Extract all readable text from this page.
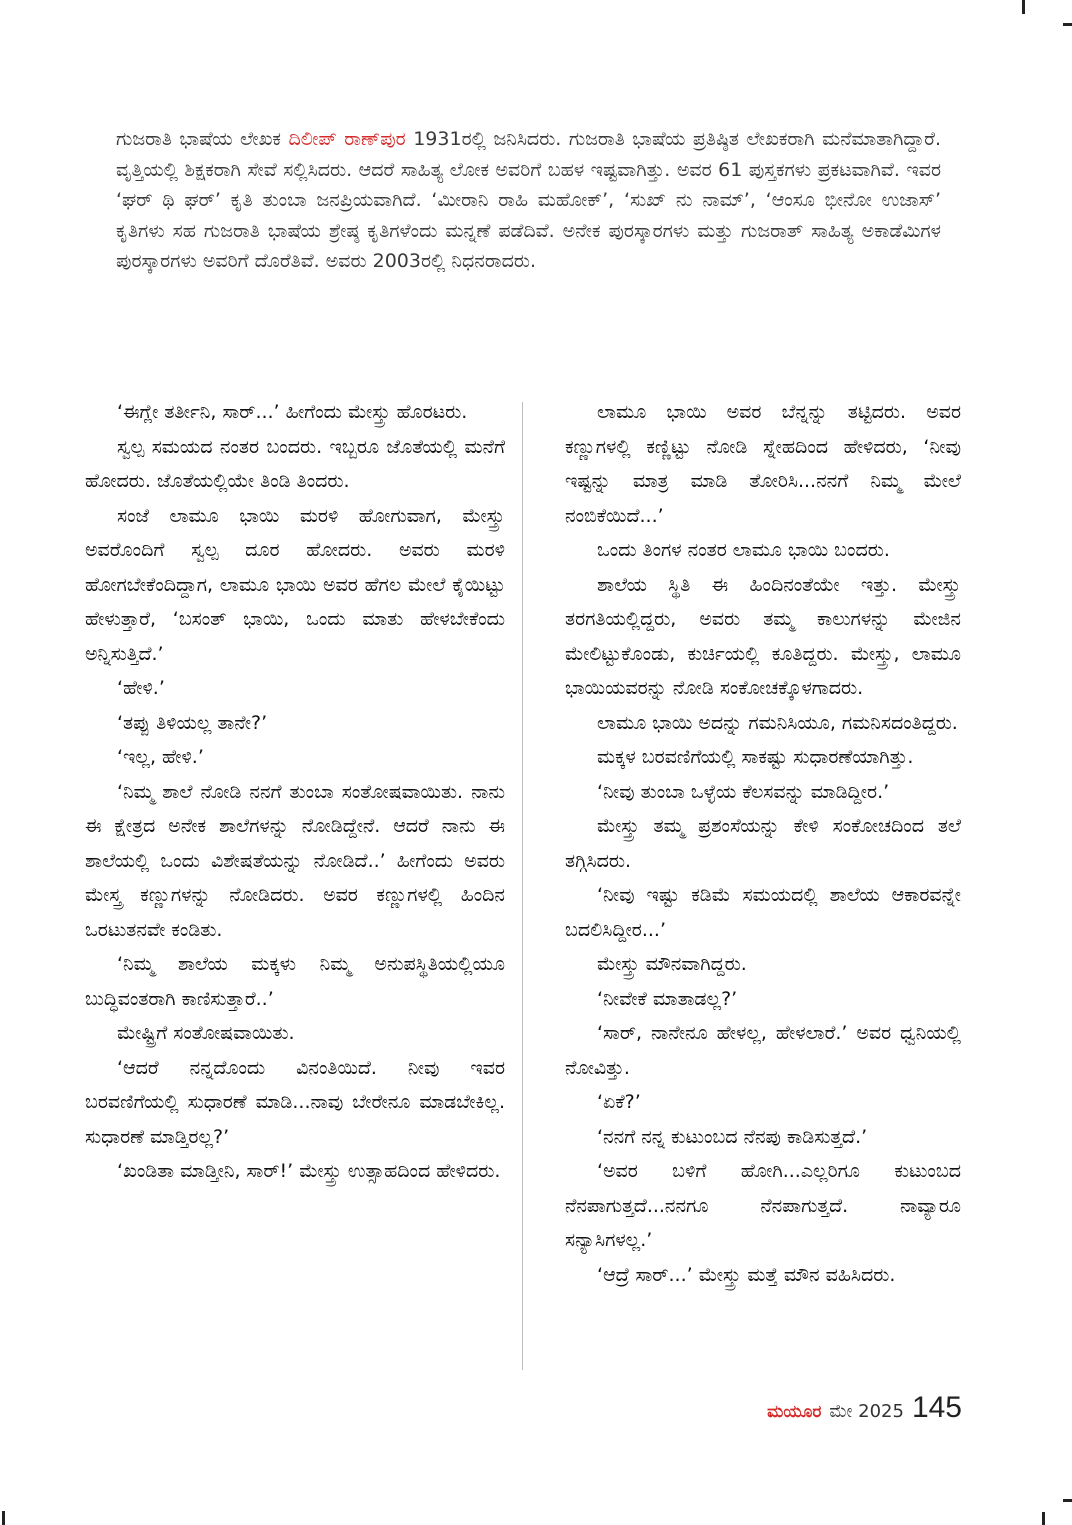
ಗುಜರಾತಿ ಭಾಷೆಯ ಲೇಖಕ ದಿಲೀಪ್ ರಾಣ್‌ಪುರ 1931ರಲ್ಲಿ ಜನಿಸಿದರು. ಗುಜರಾತಿ ಭಾಷೆಯ ಪ್ರತಿಷ್ಠಿತ ಲೇಖಕರಾಗಿ ಮನೆಮಾತಾಗಿದ್ದಾರೆ. ವೃತ್ತಿಯಲ್ಲಿ ಶಿಕ್ಷಕರಾಗಿ ಸೇವೆ ಸಲ್ಲಿಸಿದರು. ಆದರೆ ಸಾಹಿತ್ಯ ಲೋಕ ಅವರಿಗೆ ಬಹಳ ಇಷ್ಟವಾಗಿತ್ತು. ಅವರ 61 ಪುಸ್ತಕಗಳು ಪ್ರಕಟವಾಗಿವೆ. ಇವರ ‘ಘರ್ ಥಿ ಘರ್’ ಕೃತಿ ತುಂಬಾ ಜನಪ್ರಿಯವಾಗಿದೆ. ‘ಮೀರಾನಿ ರಾಹಿ ಮಹೋಕ್’, ‘ಸುಖ್ ನು ನಾಮ್’, ‘ಆಂಸೂ ಭೀನೋ ಉಜಾಸ್’ ಕೃತಿಗಳು ಸಹ ಗುಜರಾತಿ ಭಾಷೆಯ ಶ್ರೇಷ್ಠ ಕೃತಿಗಳೆಂದು ಮನ್ನಣೆ ಪಡೆದಿವೆ. ಅನೇಕ ಪುರಸ್ಕಾರಗಳು ಮತ್ತು ಗುಜರಾತ್ ಸಾಹಿತ್ಯ ಅಕಾಡೆಮಿಗಳ ಪುರಸ್ಕಾರಗಳು ಅವರಿಗೆ ದೊರೆತಿವೆ. ಅವರು 2003ರಲ್ಲಿ ನಿಧನರಾದರು.

‘ಈಗ್ಲೇ ತರ್ತೀನಿ, ಸಾರ್...’ ಹೀಗೆಂದು ಮೇಸ್ತ್ರು ಹೊರಟರು.

ಸ್ವಲ್ಪ ಸಮಯದ ನಂತರ ಬಂದರು. ಇಬ್ಬರೂ ಜೊತೆಯಲ್ಲಿ ಮನೆಗೆ ಹೋದರು. ಜೊತೆಯಲ್ಲಿಯೇ ತಿಂಡಿ ತಿಂದರು.

ಸಂಜೆ ಲಾಮೂ ಭಾಯಿ ಮರಳಿ ಹೋಗುವಾಗ, ಮೇಸ್ತ್ರು ಅವರೊಂದಿಗೆ ಸ್ವಲ್ಪ ದೂರ ಹೋದರು. ಅವರು ಮರಳಿ ಹೋಗಬೇಕೆಂದಿದ್ದಾಗ, ಲಾಮೂ ಭಾಯಿ ಅವರ ಹೆಗಲ ಮೇಲೆ ಕೈಯಿಟ್ಟು ಹೇಳುತ್ತಾರೆ, ‘ಬಸಂತ್ ಭಾಯಿ, ಒಂದು ಮಾತು ಹೇಳಬೇಕೆಂದು ಅನ್ನಿಸುತ್ತಿದೆ.’

‘ಹೇಳಿ.’

‘ತಪ್ಪು ತಿಳಿಯಲ್ಲ ತಾನೇ?’

‘ಇಲ್ಲ, ಹೇಳಿ.’

‘ನಿಮ್ಮ ಶಾಲೆ ನೋಡಿ ನನಗೆ ತುಂಬಾ ಸಂತೋಷವಾಯಿತು. ನಾನು ಈ ಕ್ಷೇತ್ರದ ಅನೇಕ ಶಾಲೆಗಳನ್ನು ನೋಡಿದ್ದೇನೆ. ಆದರೆ ನಾನು ಈ ಶಾಲೆಯಲ್ಲಿ ಒಂದು ವಿಶೇಷತೆಯನ್ನು ನೋಡಿದೆ..’ ಹೀಗೆಂದು ಅವರು ಮೇಸ್ತ್ರ ಕಣ್ಣುಗಳನ್ನು ನೋಡಿದರು. ಅವರ ಕಣ್ಣುಗಳಲ್ಲಿ ಹಿಂದಿನ ಒರಟುತನವೇ ಕಂಡಿತು.

‘ನಿಮ್ಮ ಶಾಲೆಯ ಮಕ್ಕಳು ನಿಮ್ಮ ಅನುಪಸ್ಥಿತಿಯಲ್ಲಿಯೂ ಬುದ್ಧಿವಂತರಾಗಿ ಕಾಣಿಸುತ್ತಾರೆ..’

ಮೇಷ್ಟ್ರಿಗೆ ಸಂತೋಷವಾಯಿತು.

‘ಆದರೆ ನನ್ನದೊಂದು ವಿನಂತಿಯಿದೆ. ನೀವು ಇವರ ಬರವಣಿಗೆಯಲ್ಲಿ ಸುಧಾರಣೆ ಮಾಡಿ...ನಾವು ಬೇರೇನೂ ಮಾಡಬೇಕಿಲ್ಲ. ಸುಧಾರಣೆ ಮಾಡ್ತಿರಲ್ಲ?’

‘ಖಂಡಿತಾ ಮಾಡ್ತೀನಿ, ಸಾರ್!’ ಮೇಸ್ತ್ರು ಉತ್ಸಾಹದಿಂದ ಹೇಳಿದರು.

ಲಾಮೂ ಭಾಯಿ ಅವರ ಬೆನ್ನನ್ನು ತಟ್ಟಿದರು. ಅವರ ಕಣ್ಣುಗಳಲ್ಲಿ ಕಣ್ಣಿಟ್ಟು ನೋಡಿ ಸ್ನೇಹದಿಂದ ಹೇಳಿದರು, ‘ನೀವು ಇಷ್ಟನ್ನು ಮಾತ್ರ ಮಾಡಿ ತೋರಿಸಿ...ನನಗೆ ನಿಮ್ಮ ಮೇಲೆ ನಂಬಿಕೆಯಿದೆ...’

ಒಂದು ತಿಂಗಳ ನಂತರ ಲಾಮೂ ಭಾಯಿ ಬಂದರು.

ಶಾಲೆಯ ಸ್ಥಿತಿ ಈ ಹಿಂದಿನಂತೆಯೇ ಇತ್ತು. ಮೇಸ್ತ್ರು ತರಗತಿಯಲ್ಲಿದ್ದರು, ಅವರು ತಮ್ಮ ಕಾಲುಗಳನ್ನು ಮೇಜಿನ ಮೇಲಿಟ್ಟುಕೊಂಡು, ಕುರ್ಚಿಯಲ್ಲಿ ಕೂತಿದ್ದರು. ಮೇಸ್ತ್ರು, ಲಾಮೂ ಭಾಯಿಯವರನ್ನು ನೋಡಿ ಸಂಕೋಚಕ್ಕೊಳಗಾದರು.

ಲಾಮೂ ಭಾಯಿ ಅದನ್ನು ಗಮನಿಸಿಯೂ, ಗಮನಿಸದಂತಿದ್ದರು.

ಮಕ್ಕಳ ಬರವಣಿಗೆಯಲ್ಲಿ ಸಾಕಷ್ಟು ಸುಧಾರಣೆಯಾಗಿತ್ತು.

‘ನೀವು ತುಂಬಾ ಒಳ್ಳೆಯ ಕೆಲಸವನ್ನು ಮಾಡಿದ್ದೀರ.’

ಮೇಸ್ತ್ರು ತಮ್ಮ ಪ್ರಶಂಸೆಯನ್ನು ಕೇಳಿ ಸಂಕೋಚದಿಂದ ತಲೆ ತಗ್ಗಿಸಿದರು.

‘ನೀವು ಇಷ್ಟು ಕಡಿಮೆ ಸಮಯದಲ್ಲಿ ಶಾಲೆಯ ಆಕಾರವನ್ನೇ ಬದಲಿಸಿದ್ದೀರ...’

ಮೇಸ್ತ್ರು ಮೌನವಾಗಿದ್ದರು.

‘ನೀವೇಕೆ ಮಾತಾಡಲ್ಲ?’

‘ಸಾರ್, ನಾನೇನೂ ಹೇಳಲ್ಲ, ಹೇಳಲಾರೆ.’ ಅವರ ಧ್ವನಿಯಲ್ಲಿ ನೋವಿತ್ತು.

‘ಏಕೆ?’

‘ನನಗೆ ನನ್ನ ಕುಟುಂಬದ ನೆನಪು ಕಾಡಿಸುತ್ತದೆ.’

‘ಅವರ ಬಳಿಗೆ ಹೋಗಿ...ಎಲ್ಲರಿಗೂ ಕುಟುಂಬದ ನೆನಪಾಗುತ್ತದೆ...ನನಗೂ ನೆನಪಾಗುತ್ತದೆ. ನಾವ್ಯಾರೂ ಸನ್ಯಾಸಿಗಳಲ್ಲ.’

‘ಆದ್ರೆ ಸಾರ್...’ ಮೇಸ್ತ್ರು ಮತ್ತೆ ಮೌನ ವಹಿಸಿದರು.

ಮಯೂರ ಮೇ 2025 145
